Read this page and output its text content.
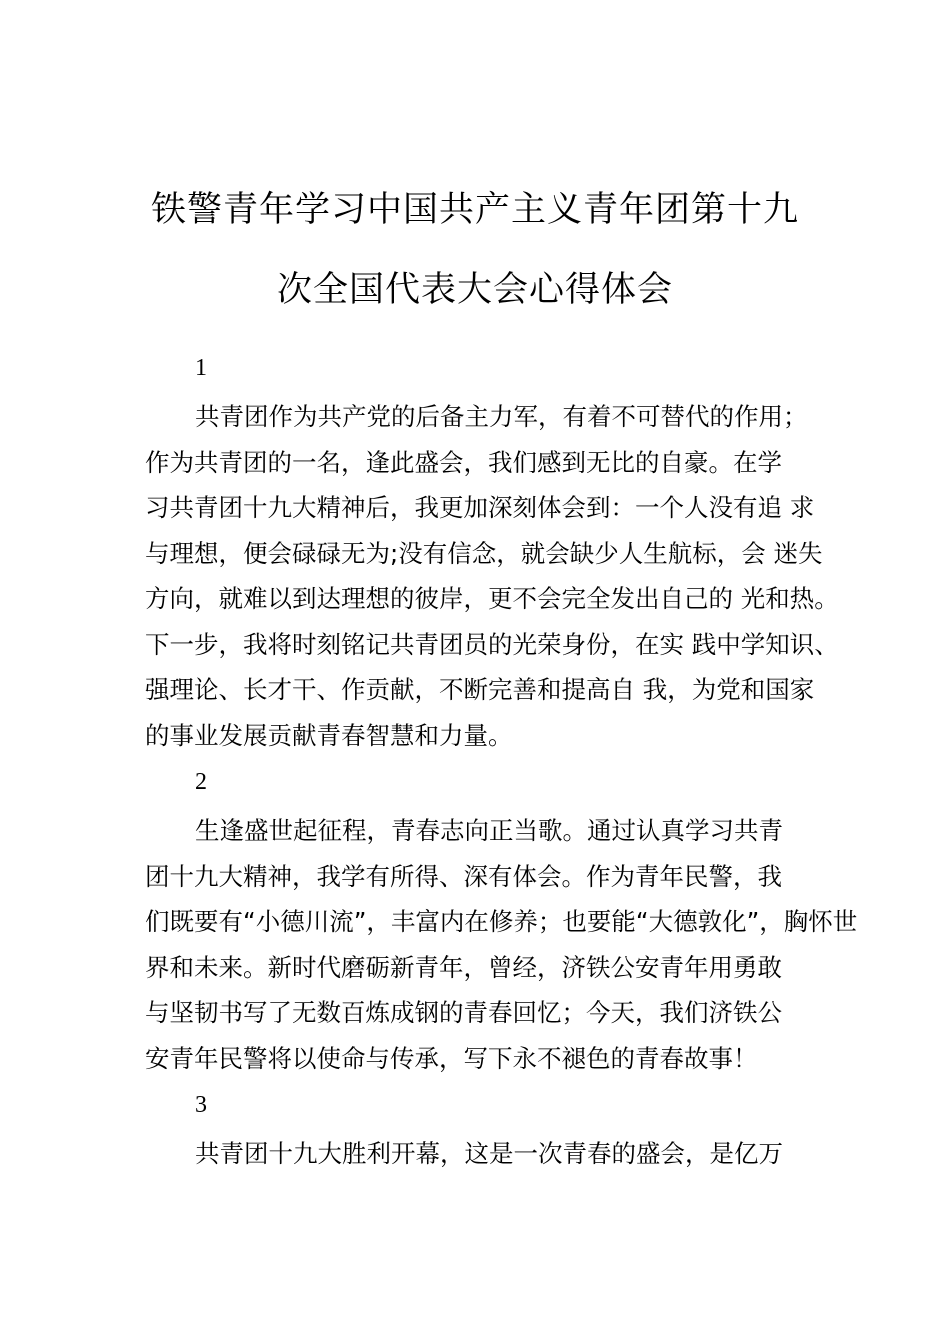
铁警青年学习中国共产主义青年团第十九
次全国代表大会心得体会
1

共青团作为共产党的后备主力军，有着不可替代的作用；
作为共青团的一名，逢此盛会，我们感到无比的自豪。在学
习共青团十九大精神后，我更加深刻体会到：一个人没有追 求
与理想，便会碌碌无为;没有信念，就会缺少人生航标，会 迷失
方向，就难以到达理想的彼岸，更不会完全发出自己的 光和热。
下一步，我将时刻铭记共青团员的光荣身份，在实 践中学知识、
强理论、长才干、作贡献，不断完善和提高自 我，为党和国家
的事业发展贡献青春智慧和力量。

2

生逢盛世起征程，青春志向正当歌。通过认真学习共青
团十九大精神，我学有所得、深有体会。作为青年民警，我
们既要有“小德川流”，丰富内在修养；也要能“大德敦化”，胸怀世
界和未来。新时代磨砺新青年，曾经，济铁公安青年用勇敢
与坚韧书写了无数百炼成钢的青春回忆；今天，我们济铁公
安青年民警将以使命与传承，写下永不褪色的青春故事！

3

共青团十九大胜利开幕，这是一次青春的盛会，是亿万
